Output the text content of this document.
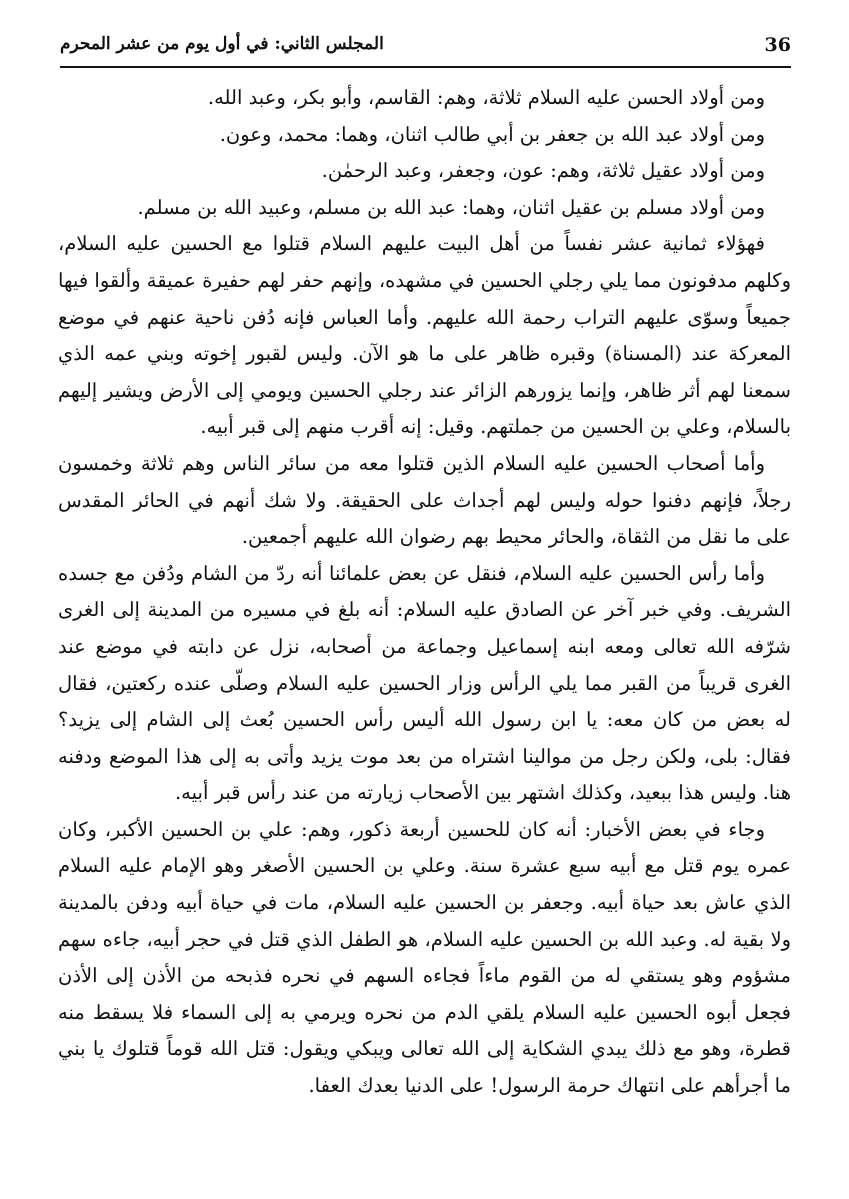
36
المجلس الثاني: في أول يوم من عشر المحرم

ومن أولاد الحسن عليه السلام ثلاثة، وهم: القاسم، وأبو بكر، وعبد الله.

ومن أولاد عبد الله بن جعفر بن أبي طالب اثنان، وهما: محمد، وعون.

ومن أولاد عقيل ثلاثة، وهم: عون، وجعفر، وعبد الرحمٰن.

ومن أولاد مسلم بن عقيل اثنان، وهما: عبد الله بن مسلم، وعبيد الله بن مسلم.

فهؤلاء ثمانية عشر نفساً من أهل البيت عليهم السلام قتلوا مع الحسين عليه السلام، وكلهم مدفونون مما يلي رجلي الحسين في مشهده، وإنهم حفر لهم حفيرة عميقة وألقوا فيها جميعاً وسوّى عليهم التراب رحمة الله عليهم. وأما العباس فإنه دُفن ناحية عنهم في موضع المعركة عند (المسناة) وقبره ظاهر على ما هو الآن. وليس لقبور إخوته وبني عمه الذي سمعنا لهم أثر ظاهر، وإنما يزورهم الزائر عند رجلي الحسين ويومي إلى الأرض ويشير إليهم بالسلام، وعلي بن الحسين من جملتهم. وقيل: إنه أقرب منهم إلى قبر أبيه.

وأما أصحاب الحسين عليه السلام الذين قتلوا معه من سائر الناس وهم ثلاثة وخمسون رجلاً، فإنهم دفنوا حوله وليس لهم أجداث على الحقيقة. ولا شك أنهم في الحائر المقدس على ما نقل من الثقاة، والحائر محيط بهم رضوان الله عليهم أجمعين.

وأما رأس الحسين عليه السلام، فنقل عن بعض علمائنا أنه ردّ من الشام ودُفن مع جسده الشريف. وفي خبر آخر عن الصادق عليه السلام: أنه بلغ في مسيره من المدينة إلى الغرى شرّفه الله تعالى ومعه ابنه إسماعيل وجماعة من أصحابه، نزل عن دابته في موضع عند الغرى قريباً من القبر مما يلي الرأس وزار الحسين عليه السلام وصلّى عنده ركعتين، فقال له بعض من كان معه: يا ابن رسول الله أليس رأس الحسين بُعث إلى الشام إلى يزيد؟ فقال: بلى، ولكن رجل من موالينا اشتراه من بعد موت يزيد وأتى به إلى هذا الموضع ودفنه هنا. وليس هذا ببعيد، وكذلك اشتهر بين الأصحاب زيارته من عند رأس قبر أبيه.

وجاء في بعض الأخبار: أنه كان للحسين أربعة ذكور، وهم: علي بن الحسين الأكبر، وكان عمره يوم قتل مع أبيه سبع عشرة سنة. وعلي بن الحسين الأصغر وهو الإمام عليه السلام الذي عاش بعد حياة أبيه. وجعفر بن الحسين عليه السلام، مات في حياة أبيه ودفن بالمدينة ولا بقية له. وعبد الله بن الحسين عليه السلام، هو الطفل الذي قتل في حجر أبيه، جاءه سهم مشؤوم وهو يستقي له من القوم ماءاً فجاءه السهم في نحره فذبحه من الأذن إلى الأذن فجعل أبوه الحسين عليه السلام يلقي الدم من نحره ويرمي به إلى السماء فلا يسقط منه قطرة، وهو مع ذلك يبدي الشكاية إلى الله تعالى ويبكي ويقول: قتل الله قوماً قتلوك يا بني ما أجرأهم على انتهاك حرمة الرسول! على الدنيا بعدك العفا.
